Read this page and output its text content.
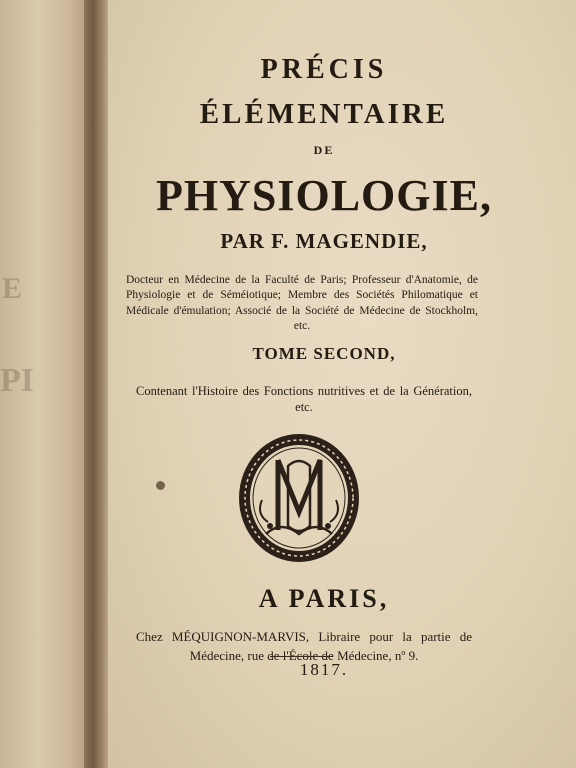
E
PI

PRÉCIS

ÉLÉMENTAIRE

DE

PHYSIOLOGIE,

PAR F. MAGENDIE,

Docteur en Médecine de la Faculté de Paris; Professeur d'Anatomie, de Physiologie et de Séméiotique; Membre des Sociétés Philomatique et Médicale d'émulation; Associé de la Société de Médecine de Stockholm, etc.

TOME SECOND,

Contenant l'Histoire des Fonctions nutritives et de la Génération, etc.

A PARIS,

Chez MÉQUIGNON-MARVIS, Libraire pour la partie de Médecine, rue de l'École de Médecine, nº 9.

1817.
